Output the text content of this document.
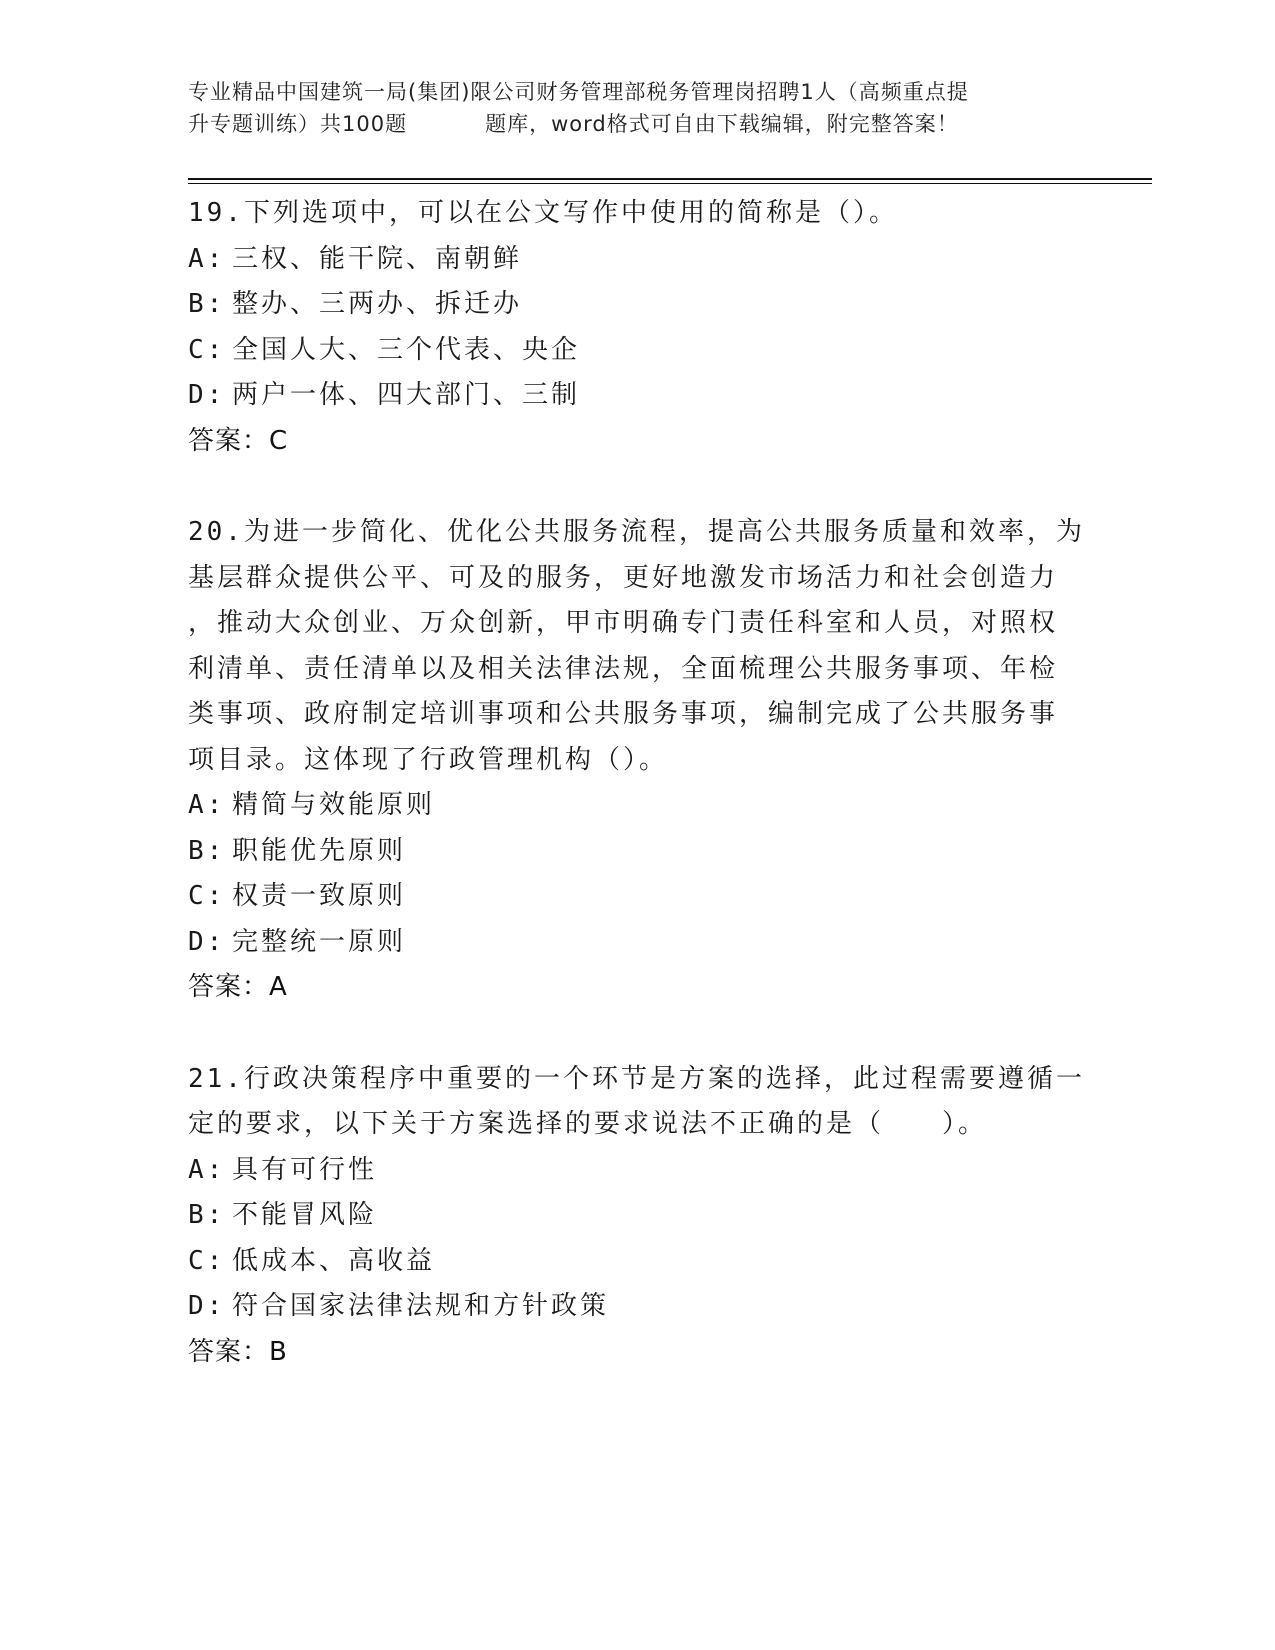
专业精品中国建筑一局(集团)限公司财务管理部税务管理岗招聘1人（高频重点提
升专题训练）共100题	题库，word格式可自由下载编辑，附完整答案！

19.下列选项中，可以在公文写作中使用的简称是（）。

A: 三权、能干院、南朝鲜
B: 整办、三两办、拆迁办
C: 全国人大、三个代表、央企
D: 两户一体、四大部门、三制
答案： C
20.为进一步简化、优化公共服务流程，提高公共服务质量和效率，为
基层群众提供公平、可及的服务，更好地激发市场活力和社会创造力
，推动大众创业、万众创新，甲市明确专门责任科室和人员，对照权
利清单、责任清单以及相关法律法规，全面梳理公共服务事项、年检
类事项、政府制定培训事项和公共服务事项，编制完成了公共服务事
项目录。这体现了行政管理机构（）。
A: 精简与效能原则
B: 职能优先原则
C: 权责一致原则
D: 完整统一原则
答案： A
21.行政决策程序中重要的一个环节是方案的选择，此过程需要遵循一
定的要求，以下关于方案选择的要求说法不正确的是（　　）。
A: 具有可行性
B: 不能冒风险
C: 低成本、高收益
D: 符合国家法律法规和方针政策
答案： B
